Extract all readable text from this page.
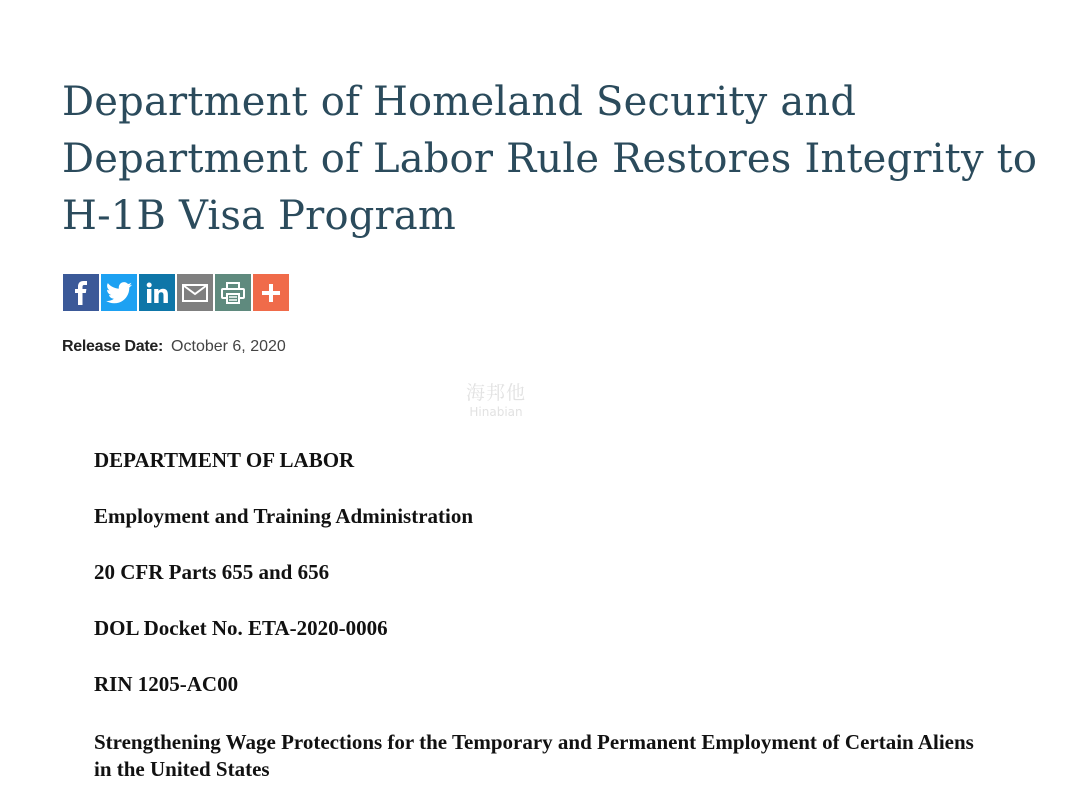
Department of Homeland Security and Department of Labor Rule Restores Integrity to H-1B Visa Program
Release Date: October 6, 2020
海邦他
Hinabian
DEPARTMENT OF LABOR
Employment and Training Administration
20 CFR Parts 655 and 656
DOL Docket No. ETA-2020-0006
RIN 1205-AC00
Strengthening Wage Protections for the Temporary and Permanent Employment of Certain Aliens in the United States
